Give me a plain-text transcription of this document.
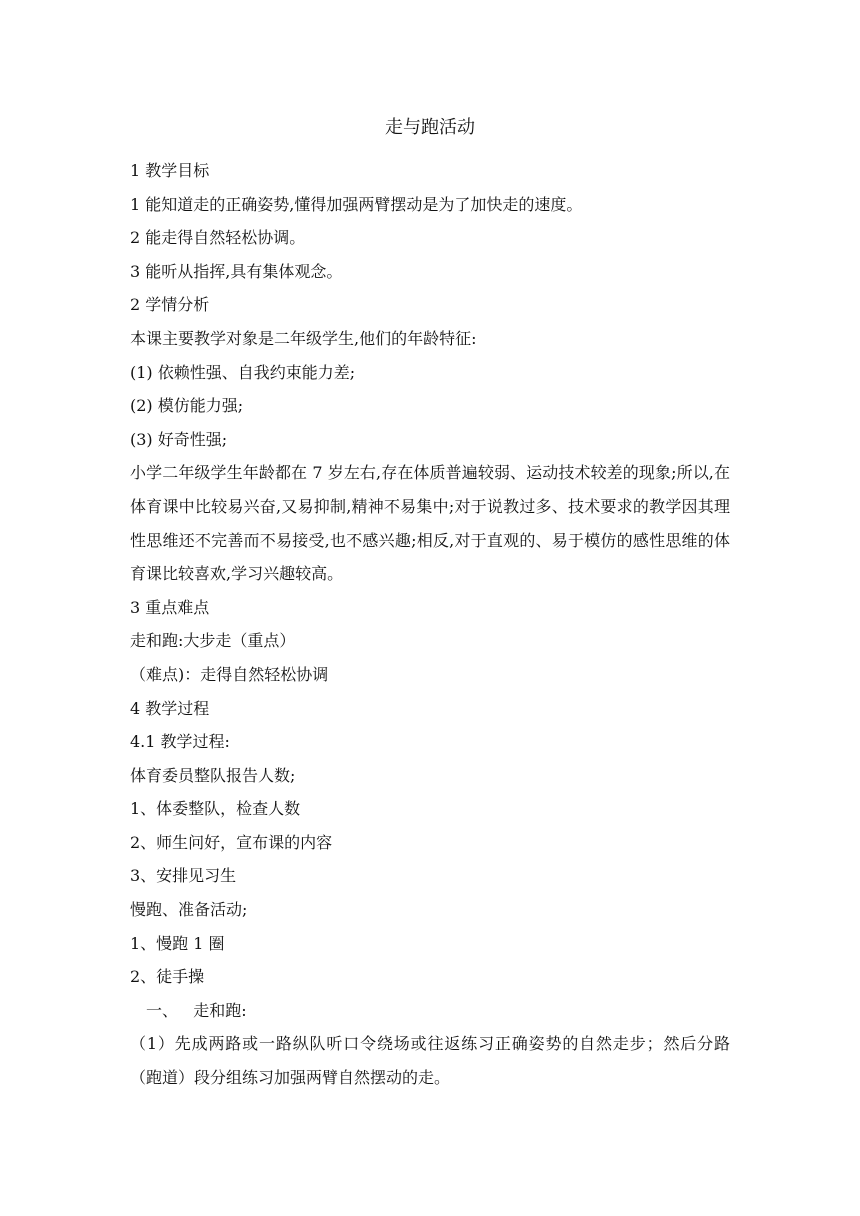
走与跑活动

1 教学目标

1 能知道走的正确姿势,懂得加强两臂摆动是为了加快走的速度。

2 能走得自然轻松协调。

3 能听从指挥,具有集体观念。

2 学情分析

本课主要教学对象是二年级学生,他们的年龄特征:

(1) 依赖性强、自我约束能力差;

(2) 模仿能力强;

(3) 好奇性强;

小学二年级学生年龄都在 7 岁左右,存在体质普遍较弱、运动技术较差的现象;所以,在体育课中比较易兴奋,又易抑制,精神不易集中;对于说教过多、技术要求的教学因其理性思维还不完善而不易接受,也不感兴趣;相反,对于直观的、易于模仿的感性思维的体育课比较喜欢,学习兴趣较高。

3 重点难点

走和跑:大步走（重点）

（难点)：走得自然轻松协调

4 教学过程

4.1 教学过程:

体育委员整队报告人数;

1、体委整队，检查人数

2、师生问好，宣布课的内容

3、安排见习生

慢跑、准备活动;

1、慢跑 1 圈

2、徒手操

一、   走和跑:

（1）先成两路或一路纵队听口令绕场或往返练习正确姿势的自然走步；然后分路（跑道）段分组练习加强两臂自然摆动的走。
